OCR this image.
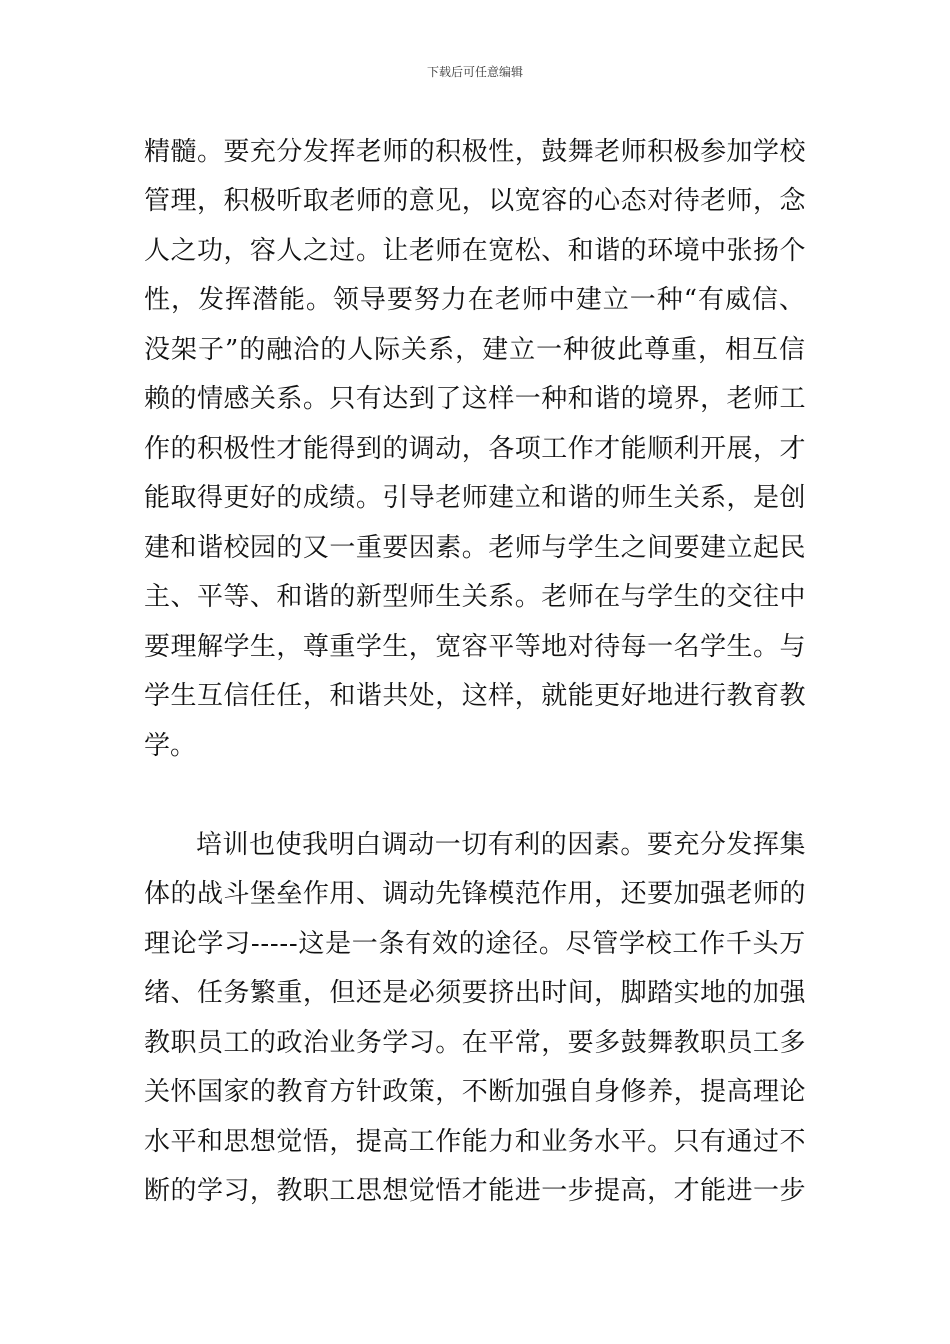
下载后可任意编辑
精髓。要充分发挥老师的积极性，鼓舞老师积极参加学校
管理，积极听取老师的意见，以宽容的心态对待老师，念
人之功，容人之过。让老师在宽松、和谐的环境中张扬个
性，发挥潜能。领导要努力在老师中建立一种“有威信、
没架子”的融洽的人际关系，建立一种彼此尊重，相互信
赖的情感关系。只有达到了这样一种和谐的境界，老师工
作的积极性才能得到的调动，各项工作才能顺利开展，才
能取得更好的成绩。引导老师建立和谐的师生关系，是创
建和谐校园的又一重要因素。老师与学生之间要建立起民
主、平等、和谐的新型师生关系。老师在与学生的交往中
要理解学生，尊重学生，宽容平等地对待每一名学生。与
学生互信任任，和谐共处，这样，就能更好地进行教育教
学。
培训也使我明白调动一切有利的因素。要充分发挥集
体的战斗堡垒作用、调动先锋模范作用，还要加强老师的
理论学习-----这是一条有效的途径。尽管学校工作千头万
绪、任务繁重，但还是必须要挤出时间，脚踏实地的加强
教职员工的政治业务学习。在平常，要多鼓舞教职员工多
关怀国家的教育方针政策，不断加强自身修养，提高理论
水平和思想觉悟，提高工作能力和业务水平。只有通过不
断的学习，教职工思想觉悟才能进一步提高，才能进一步
